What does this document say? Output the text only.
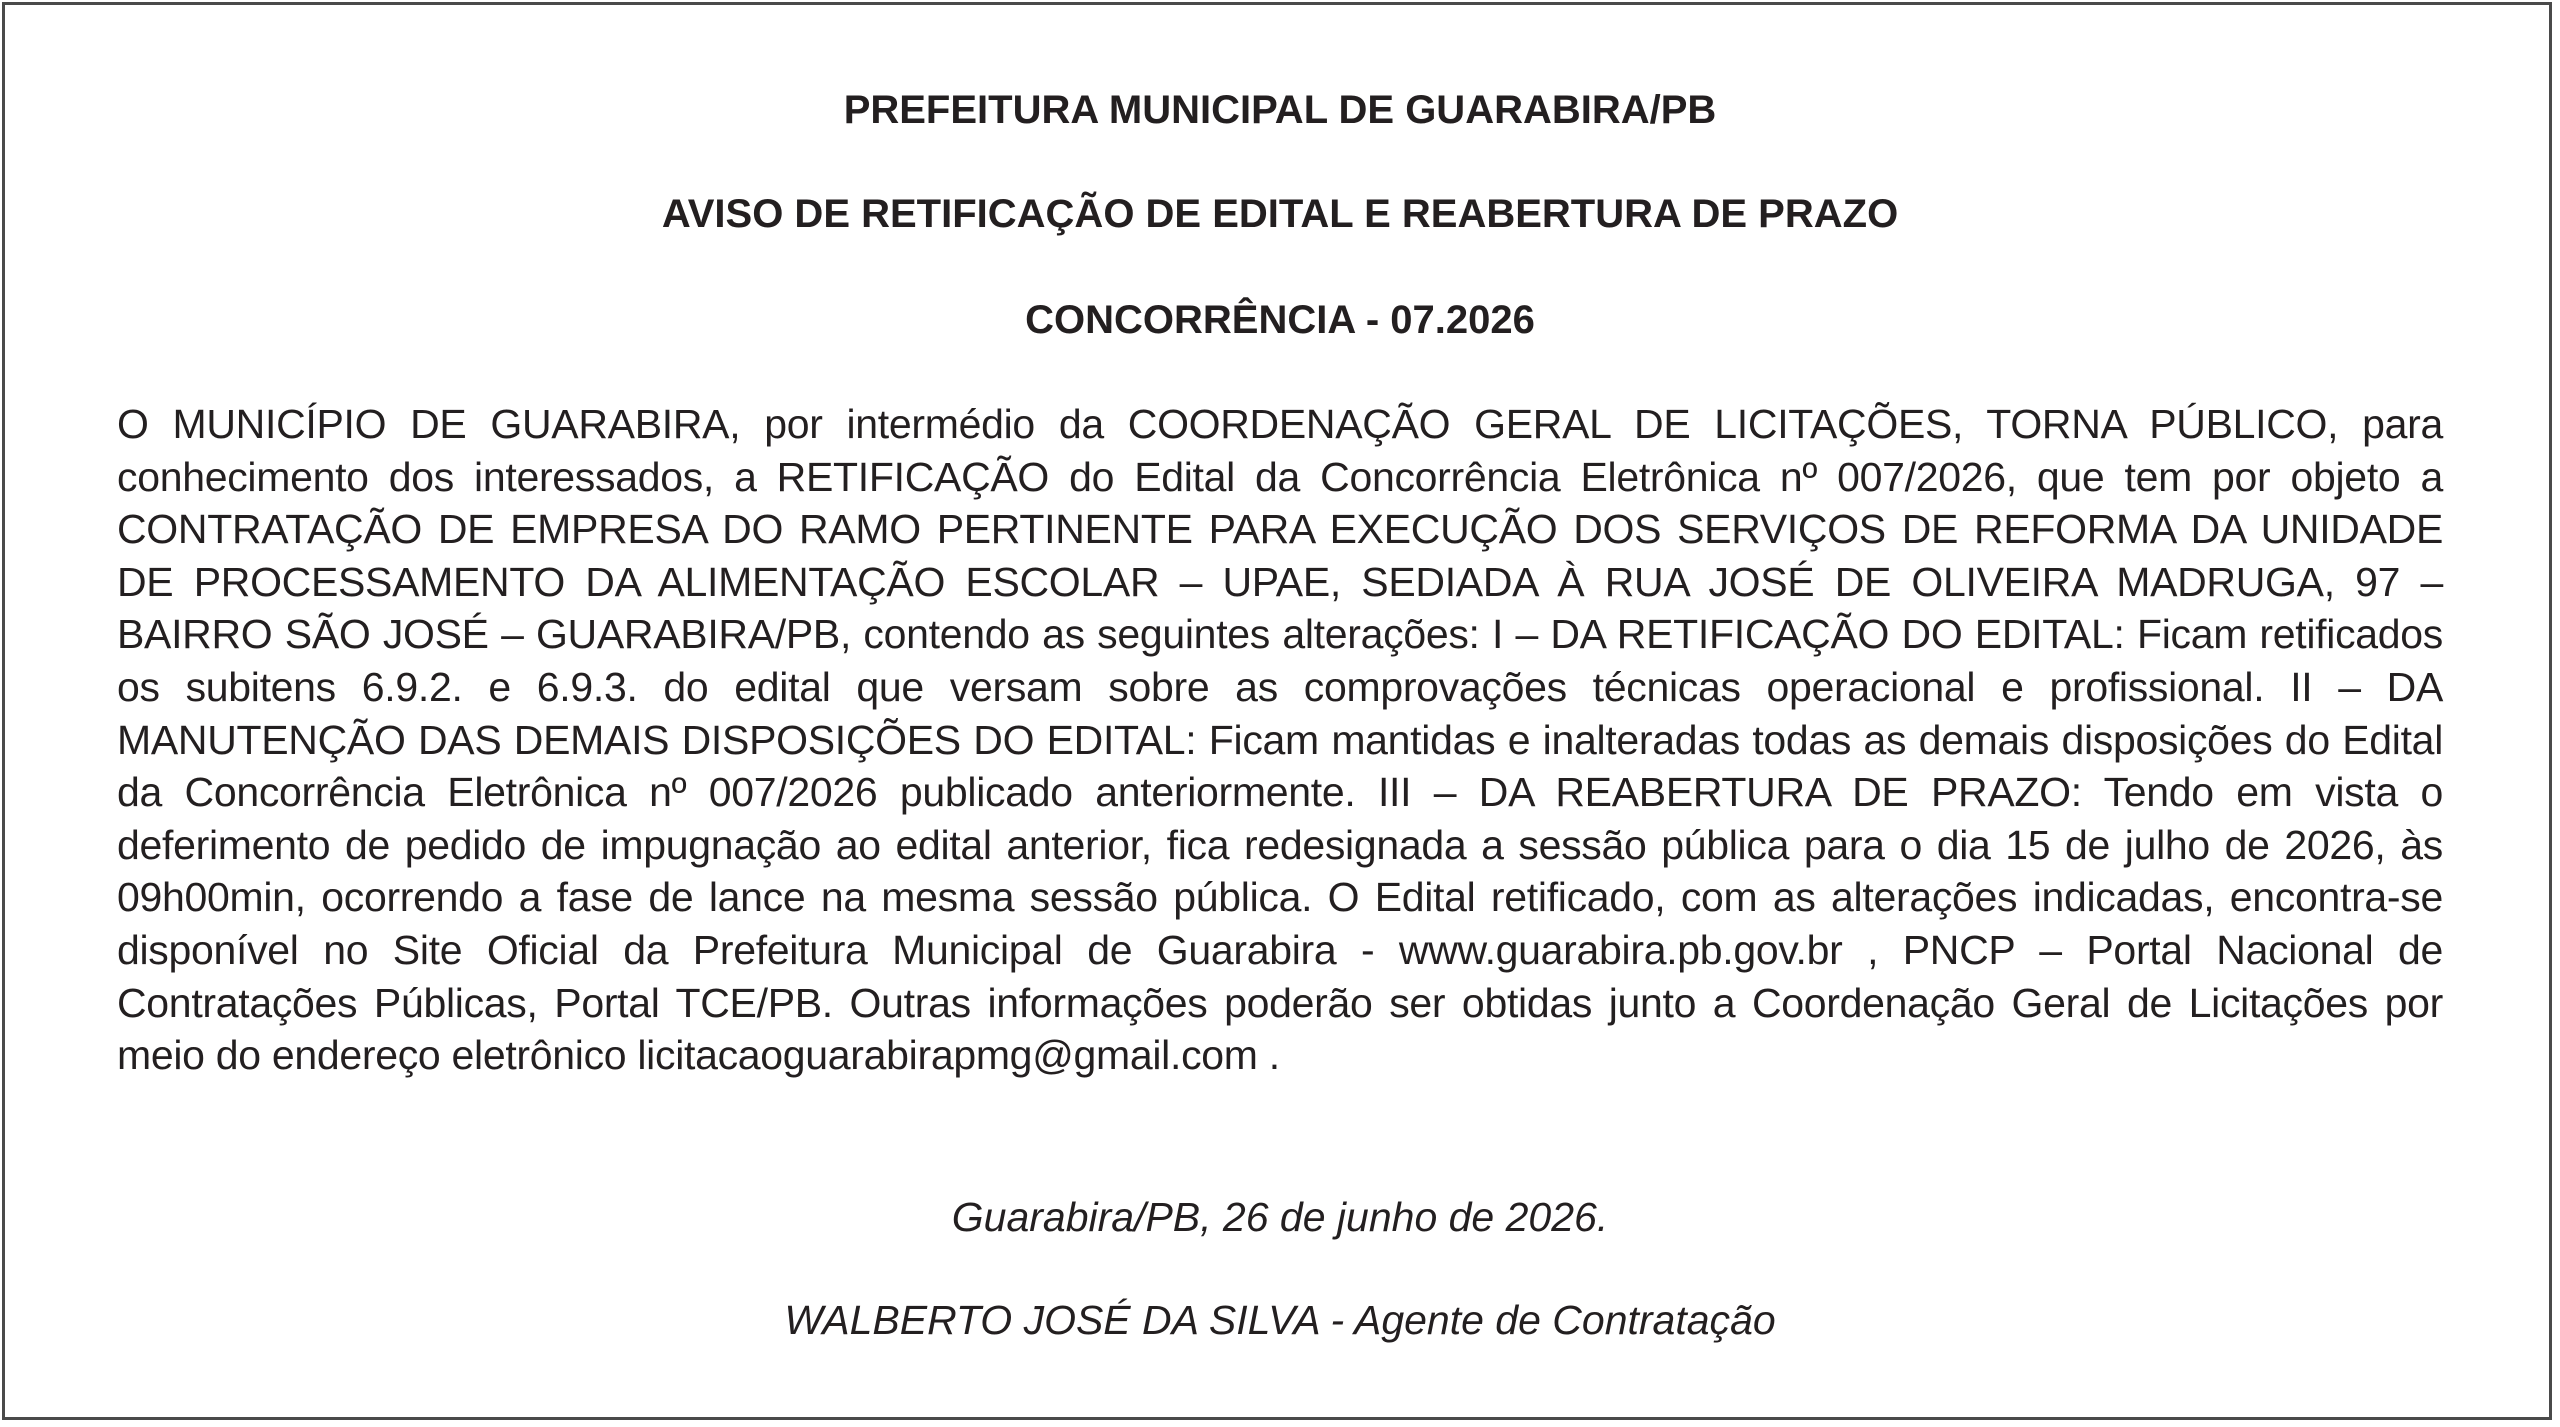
PREFEITURA MUNICIPAL DE GUARABIRA/PB
AVISO DE RETIFICAÇÃO DE EDITAL E REABERTURA DE PRAZO
CONCORRÊNCIA - 07.2026

O MUNICÍPIO DE GUARABIRA, por intermédio da COORDENAÇÃO GERAL DE LICITAÇÕES, TORNA PÚBLICO, para conhecimento dos interessados, a RETIFICAÇÃO do Edital da Concorrência Eletrônica nº 007/2026, que tem por objeto a CONTRATAÇÃO DE EMPRESA DO RAMO PERTINENTE PARA EXECUÇÃO DOS SERVIÇOS DE REFORMA DA UNIDADE DE PROCESSAMENTO DA ALIMENTAÇÃO ESCOLAR – UPAE, SEDIADA À RUA JOSÉ DE OLIVEIRA MADRUGA, 97 – BAIRRO SÃO JOSÉ – GUARABIRA/PB, contendo as seguintes alterações: I – DA RETIFICAÇÃO DO EDITAL: Ficam retificados os subitens 6.9.2. e 6.9.3. do edital que versam sobre as comprovações técnicas operacional e profissional. II – DA MANUTENÇÃO DAS DEMAIS DISPOSIÇÕES DO EDITAL: Ficam mantidas e inalteradas todas as demais disposições do Edital da Concorrência Eletrônica nº 007/2026 publicado anteriormente. III – DA REABERTURA DE PRAZO: Tendo em vista o deferimento de pedido de impugnação ao edital anterior, fica redesignada a sessão pública para o dia 15 de julho de 2026, às 09h00min, ocorrendo a fase de lance na mesma sessão pública. O Edital retificado, com as alterações indicadas, encontra-se disponível no Site Oficial da Prefeitura Municipal de Guarabira - www.guarabira.pb.gov.br , PNCP – Portal Nacional de Contratações Públicas, Portal TCE/PB. Outras informações poderão ser obtidas junto a Coordenação Geral de Licitações por meio do endereço eletrônico licitacaoguarabirapmg@gmail.com .

Guarabira/PB, 26 de junho de 2026.
WALBERTO JOSÉ DA SILVA - Agente de Contratação
